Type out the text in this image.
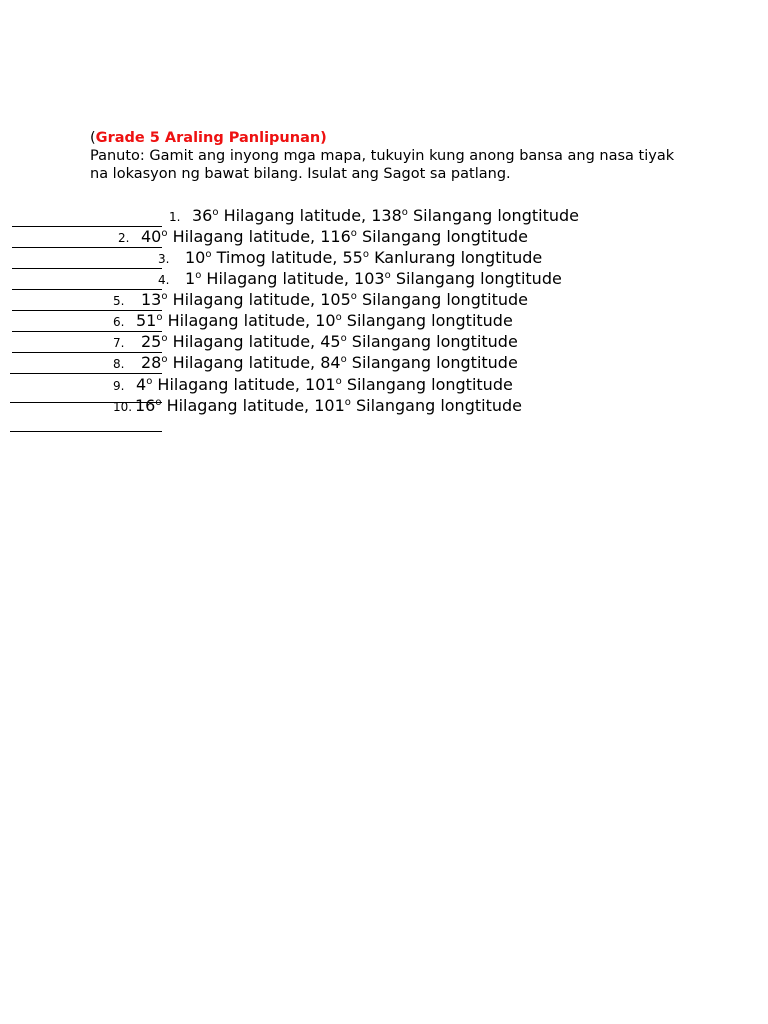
(Grade 5 Araling Panlipunan)
Panuto: Gamit ang inyong mga mapa, tukuyin kung anong bansa ang nasa tiyak na lokasyon ng bawat bilang. Isulat ang Sagot sa patlang.
1. 36$^o$ Hilagang latitude, 138$^o$ Silangang longtitude
2. 40$^o$ Hilagang latitude, 116$^o$ Silangang longtitude
3. 10$^o$ Timog latitude, 55$^o$ Kanlurang longtitude
4. 1$^o$ Hilagang latitude, 103$^o$ Silangang longtitude
5. 13$^o$ Hilagang latitude, 105$^o$ Silangang longtitude
6. 51$^o$ Hilagang latitude, 10$^o$ Silangang longtitude
7. 25$^o$ Hilagang latitude, 45$^o$ Silangang longtitude
8. 28$^o$ Hilagang latitude, 84$^o$ Silangang longtitude
9. 4$^o$ Hilagang latitude, 101$^o$ Silangang longtitude
10. 16$^o$ Hilagang latitude, 101$^o$ Silangang longtitude
